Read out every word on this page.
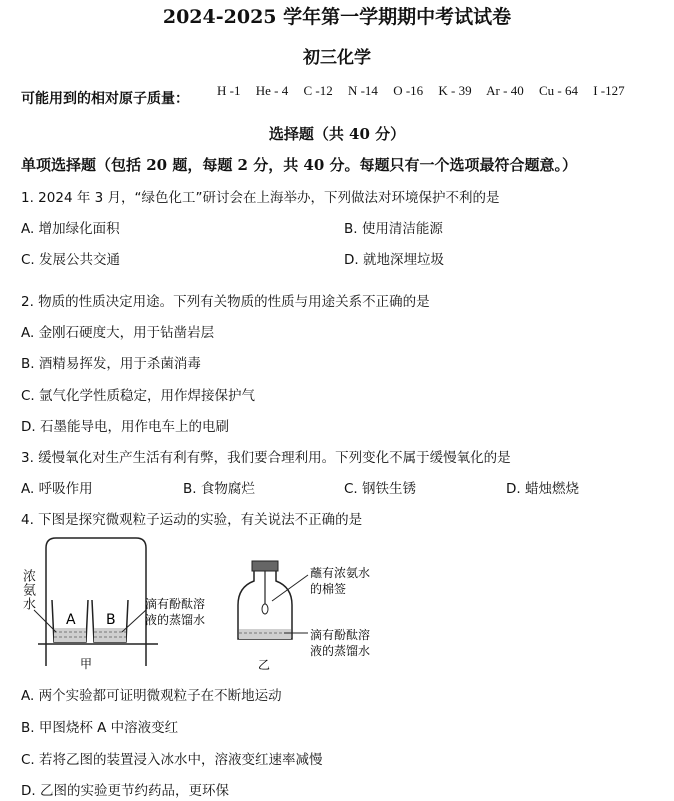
2024-2025 学年第一学期期中考试试卷
初三化学
可能用到的相对原子质量：
H -1 He - 4 C -12 N -14 O -16 K - 39 Ar - 40 Cu - 64 I -127
选择题（共 40 分）
单项选择题（包括 20 题，每题 2 分，共 40 分。每题只有一个选项最符合题意。）
1. 2024 年 3 月，“绿色化工”研讨会在上海举办，下列做法对环境保护不利的是
A. 增加绿化面积	B. 使用清洁能源
C. 发展公共交通	D. 就地深埋垃圾
2. 物质的性质决定用途。下列有关物质的性质与用途关系不正确的是
A. 金刚石硬度大，用于钻凿岩层
B. 酒精易挥发，用于杀菌消毒
C. 氩气化学性质稳定，用作焊接保护气
D. 石墨能导电，用作电车上的电刷
3. 缓慢氧化对生产生活有利有弊，我们要合理利用。下列变化不属于缓慢氧化的是
A. 呼吸作用	B. 食物腐烂	C. 钢铁生锈	D. 蜡烛燃烧
4. 下图是探究微观粒子运动的实验，有关说法不正确的是
A B
滴有酚酞溶
液的蒸馏水
甲
浓氨水	蘸有浓氨水
的棉签
滴有酚酞溶
液的蒸馏水
乙
A. 两个实验都可证明微观粒子在不断地运动
B. 甲图烧杯 A 中溶液变红
C. 若将乙图的装置浸入冰水中，溶液变红速率减慢
D. 乙图的实验更节约药品，更环保
